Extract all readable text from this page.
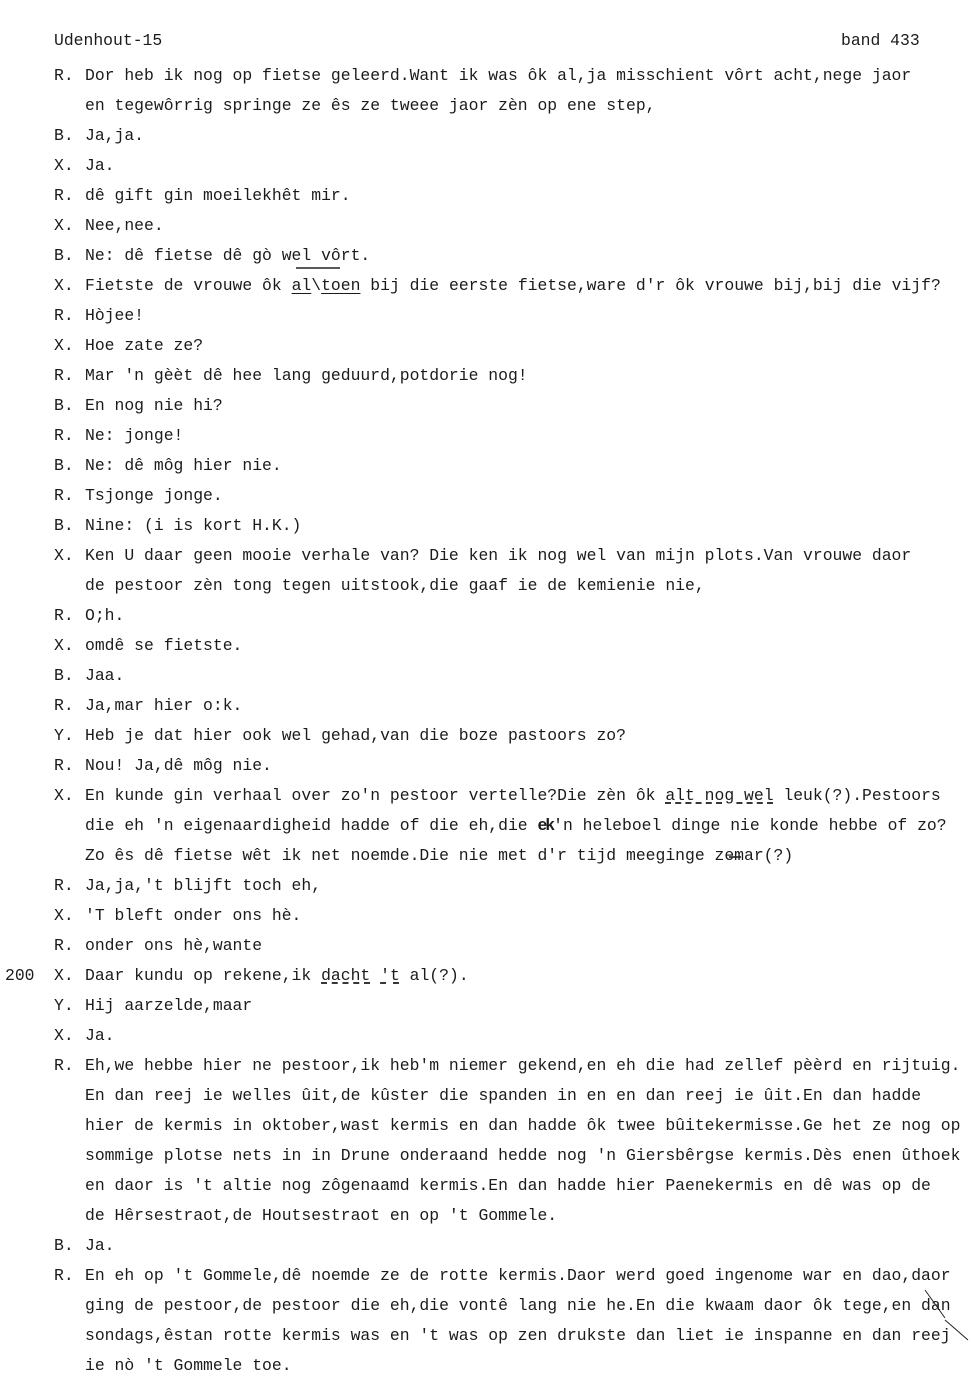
Udenhout-15	band 433
R. Dor heb ik nog op fietse geleerd.Want ik was ôk al,ja misschient vôrt acht,nege jaor
en tegewôrrig springe ze ês ze tweee jaor zèn op ene step,
B. Ja,ja.
X. Ja.
R. dê gift gin moeilekhêt mir.
X. Nee,nee.
B. Ne: dê fietse dê gò wel vôrt.
X. Fietste de vrouwe ôk al\toen bij die eerste fietse,ware d'r ôk vrouwe bij,bij die vijf?
R. Hòjee!
X. Hoe zate ze?
R. Mar 'n gèèt dê hee lang geduurd,potdorie nog!
B. En nog nie hi?
R. Ne: jonge!
B. Ne: dê môg hier nie.
R. Tsjonge jonge.
B. Nine: (i is kort H.K.)
X. Ken U daar geen mooie verhale van? Die ken ik nog wel van mijn plots.Van vrouwe daor
de pestoor zèn tong tegen uitstook,die gaaf ie de kemienie nie,
R. O;h.
X. omdê se fietste.
B. Jaa.
R. Ja,mar hier o:k.
Y. Heb je dat hier ook wel gehad,van die boze pastoors zo?
R. Nou! Ja,dê môg nie.
X. En kunde gin verhaal over zo'n pestoor vertelle?Die zèn ôk alt nog wel leuk(?).Pestoors
die eh 'n eigenaardigheid hadde of die eh,die ek'n heleboel dinge nie konde hebbe of zo?
Zo ês dê fietse wêt ik net noemde.Die nie met d'r tijd meeginge zemar(?)
R. Ja,ja,'t blijft toch eh,
X. 'T bleft onder ons hè.
R. onder ons hè,wante
200 X. Daar kundu op rekene,ik dacht 't al(?).
Y. Hij aarzelde,maar
X. Ja.
R. Eh,we hebbe hier ne pestoor,ik heb'm niemer gekend,en eh die had zellef pèèrd en rijtuig.
En dan reej ie welles ûit,de kûster die spanden in en en dan reej ie ûit.En dan hadde
hier de kermis in oktober,wast kermis en dan hadde ôk twee bûitekermisse.Ge het ze nog op
sommige plotse nets in in Drune onderaand hedde nog 'n Giersbêrgse kermis.Dès enen ûthoek
en daor is 't altie nog zôgenaamd kermis.En dan hadde hier Paenekermis en dê was op de
de Hêrsestraot,de Houtsestraot en op 't Gommele.
B. Ja.
R. En eh op 't Gommele,dê noemde ze de rotte kermis.Daor werd goed ingenome war en dao,daor
ging de pestoor,de pestoor die eh,die vontê lang nie he.En die kwaam daor ôk tege,en dan
sondags,êstan rotte kermis was en 't was op zen drukste dan liet ie inspanne en dan reej
ie nò 't Gommele toe.
